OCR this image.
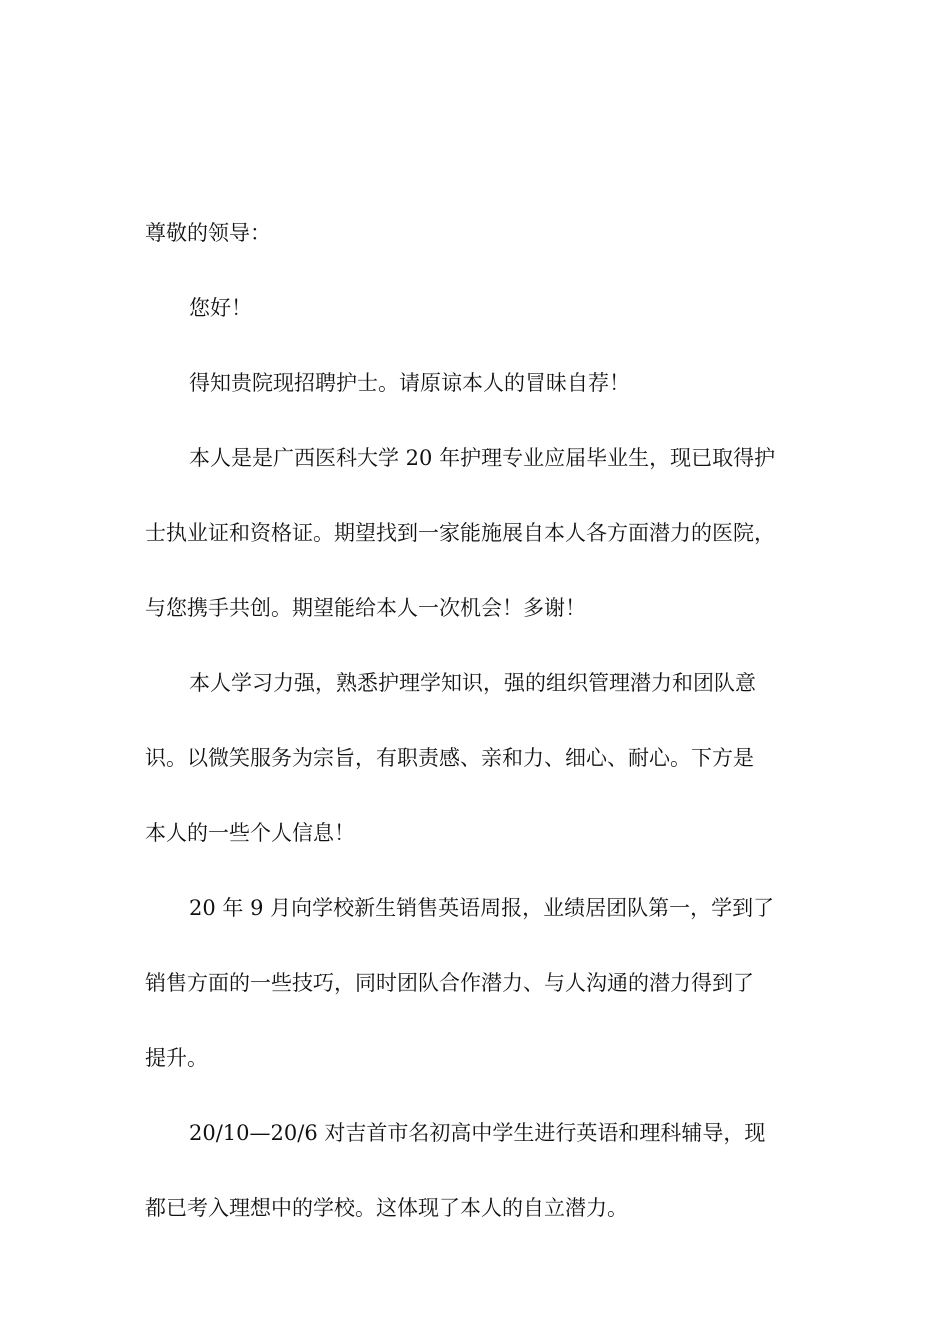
尊敬的领导：
您好！
得知贵院现招聘护士。请原谅本人的冒昧自荐！
本人是是广西医科大学 20 年护理专业应届毕业生，现已取得护
士执业证和资格证。期望找到一家能施展自本人各方面潜力的医院，
与您携手共创。期望能给本人一次机会！多谢！
本人学习力强，熟悉护理学知识，强的组织管理潜力和团队意
识。以微笑服务为宗旨，有职责感、亲和力、细心、耐心。下方是
本人的一些个人信息！
20 年 9 月向学校新生销售英语周报，业绩居团队第一，学到了
销售方面的一些技巧，同时团队合作潜力、与人沟通的潜力得到了
提升。
20/10—20/6 对吉首市名初高中学生进行英语和理科辅导，现
都已考入理想中的学校。这体现了本人的自立潜力。
